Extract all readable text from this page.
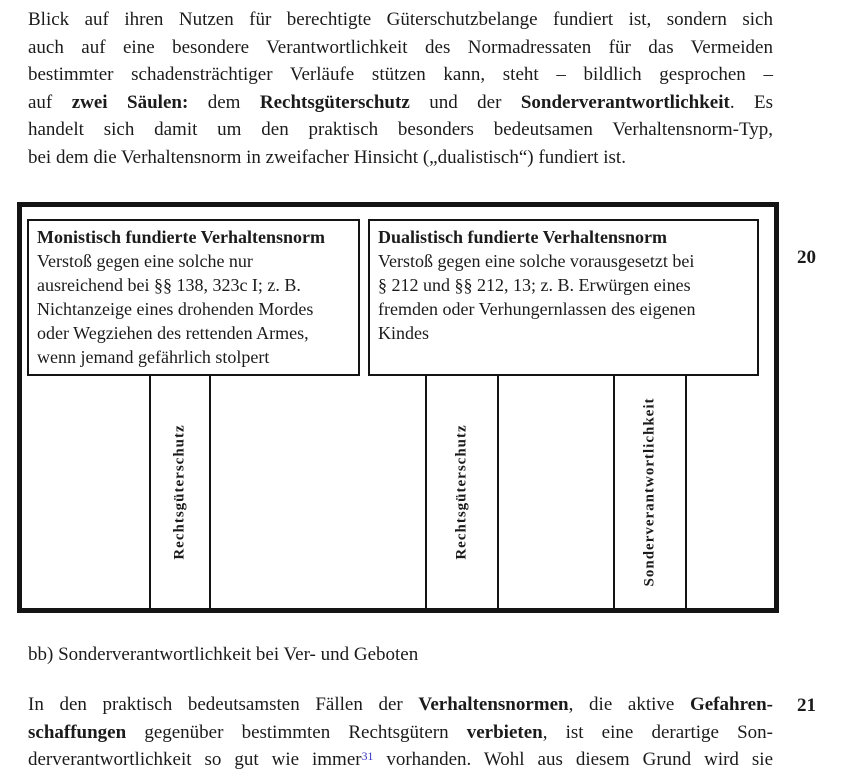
Blick auf ihren Nutzen für berechtigte Güterschutzbelange fundiert ist, sondern sich
auch auf eine besondere Verantwortlichkeit des Normadressaten für das Vermeiden
bestimmter schadensträchtiger Verläufe stützen kann, steht – bildlich gesprochen –
auf zwei Säulen: dem Rechtsgüterschutz und der Sonderverantwortlichkeit. Es
handelt sich damit um den praktisch besonders bedeutsamen Verhaltensnorm-Typ,
bei dem die Verhaltensnorm in zweifacher Hinsicht („dualistisch“) fundiert ist.
Monistisch fundierte Verhaltensnorm
Verstoß gegen eine solche nur
ausreichend bei §§ 138, 323c I; z. B.
Nichtanzeige eines drohenden Mordes
oder Wegziehen des rettenden Armes,
wenn jemand gefährlich stolpert
Dualistisch fundierte Verhaltensnorm
Verstoß gegen eine solche vorausgesetzt bei
§ 212 und §§ 212, 13; z. B. Erwürgen eines
fremden oder Verhungernlassen des eigenen
Kindes
Rechtsgüterschutz	Rechtsgüterschutz	Sonderverantwortlichkeit
20
bb) Sonderverantwortlichkeit bei Ver- und Geboten
In den praktisch bedeutsamsten Fällen der Verhaltensnormen, die aktive Gefahren-
schaffungen gegenüber bestimmten Rechtsgütern verbieten, ist eine derartige Son-
derverantwortlichkeit so gut wie immer$^{31}$ vorhanden. Wohl aus diesem Grund wird sie
21
